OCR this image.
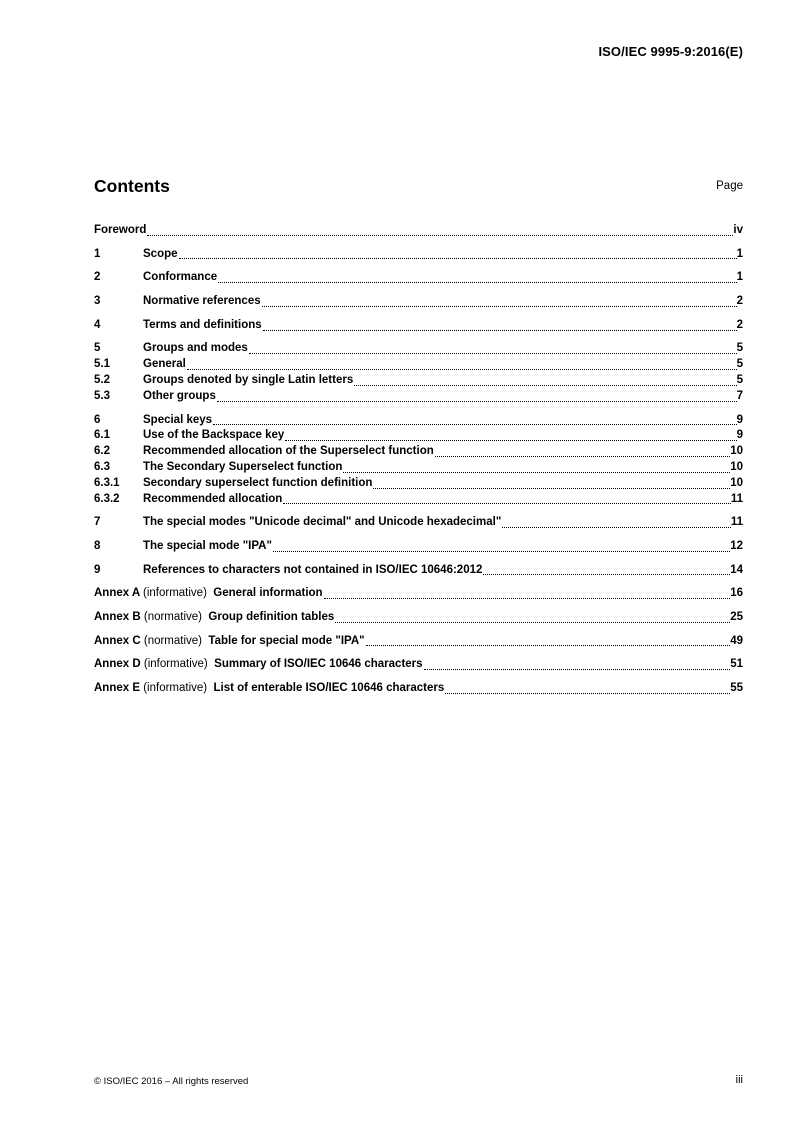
ISO/IEC 9995-9:2016(E)
Contents	Page
Foreword	iv
1	Scope	1
2	Conformance	1
3	Normative references	2
4	Terms and definitions	2
5	Groups and modes	5
5.1	General	5
5.2	Groups denoted by single Latin letters	5
5.3	Other groups	7
6	Special keys	9
6.1	Use of the Backspace key	9
6.2	Recommended allocation of the Superselect function	10
6.3	The Secondary Superselect function	10
6.3.1	Secondary superselect function definition	10
6.3.2	Recommended allocation	11
7	The special modes "Unicode decimal" and Unicode hexadecimal"	11
8	The special mode "IPA"	12
9	References to characters not contained in ISO/IEC 10646:2012	14
Annex A (informative) General information	16
Annex B (normative) Group definition tables	25
Annex C (normative) Table for special mode "IPA"	49
Annex D (informative) Summary of ISO/IEC 10646 characters	51
Annex E (informative) List of enterable ISO/IEC 10646 characters	55
© ISO/IEC 2016 – All rights reserved	iii
